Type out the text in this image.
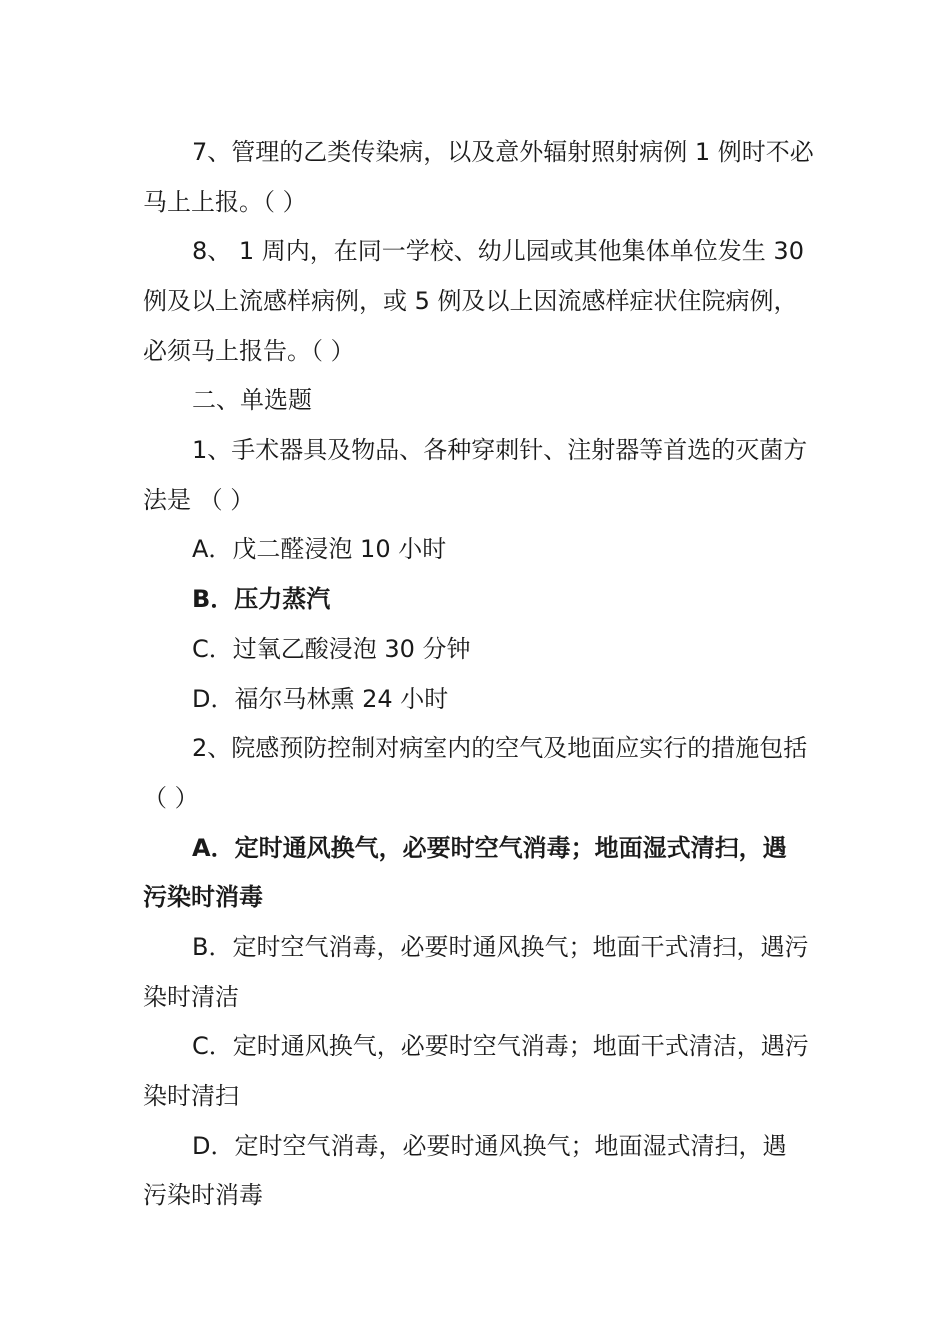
7、管理的乙类传染病，以及意外辐射照射病例 1 例时不必
马上上报。（ ）
8、 1 周内，在同一学校、幼儿园或其他集体单位发生 30
例及以上流感样病例，或 5 例及以上因流感样症状住院病例，
必须马上报告。（ ）
二、单选题
1、手术器具及物品、各种穿刺针、注射器等首选的灭菌方
法是 （ ）
A．戊二醛浸泡 10 小时
B．压力蒸汽
C．过氧乙酸浸泡 30 分钟
D．福尔马林熏 24 小时
2、院感预防控制对病室内的空气及地面应实行的措施包括
（ ）
A．定时通风换气，必要时空气消毒；地面湿式清扫，遇
污染时消毒
B．定时空气消毒，必要时通风换气；地面干式清扫，遇污
染时清洁
C．定时通风换气，必要时空气消毒；地面干式清洁，遇污
染时清扫
D．定时空气消毒，必要时通风换气；地面湿式清扫，遇
污染时消毒
